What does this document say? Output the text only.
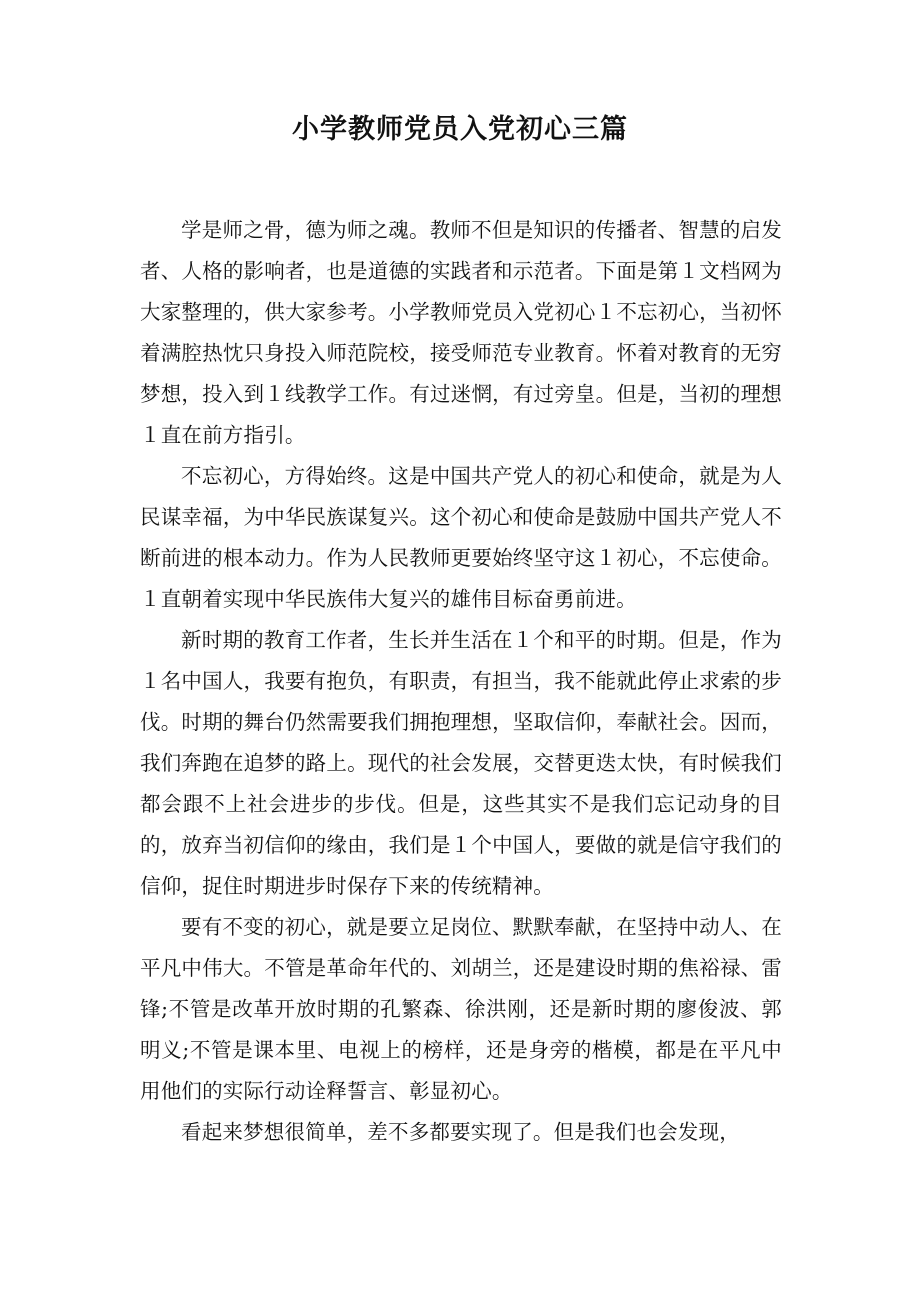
小学教师党员入党初心三篇

学是师之骨，德为师之魂。教师不但是知识的传播者、智慧的启发者、人格的影响者，也是道德的实践者和示范者。下面是第１文档网为大家整理的，供大家参考。小学教师党员入党初心１不忘初心，当初怀着满腔热忱只身投入师范院校，接受师范专业教育。怀着对教育的无穷梦想，投入到１线教学工作。有过迷惘，有过旁皇。但是，当初的理想１直在前方指引。

不忘初心，方得始终。这是中国共产党人的初心和使命，就是为人民谋幸福，为中华民族谋复兴。这个初心和使命是鼓励中国共产党人不断前进的根本动力。作为人民教师更要始终坚守这１初心，不忘使命。１直朝着实现中华民族伟大复兴的雄伟目标奋勇前进。

新时期的教育工作者，生长并生活在１个和平的时期。但是，作为１名中国人，我要有抱负，有职责，有担当，我不能就此停止求索的步伐。时期的舞台仍然需要我们拥抱理想，坚取信仰，奉献社会。因而，我们奔跑在追梦的路上。现代的社会发展，交替更迭太快，有时候我们都会跟不上社会进步的步伐。但是，这些其实不是我们忘记动身的目的，放弃当初信仰的缘由，我们是１个中国人，要做的就是信守我们的信仰，捉住时期进步时保存下来的传统精神。

要有不变的初心，就是要立足岗位、默默奉献，在坚持中动人、在平凡中伟大。不管是革命年代的、刘胡兰，还是建设时期的焦裕禄、雷锋;不管是改革开放时期的孔繁森、徐洪刚，还是新时期的廖俊波、郭明义;不管是课本里、电视上的榜样，还是身旁的楷模，都是在平凡中用他们的实际行动诠释誓言、彰显初心。

看起来梦想很简单，差不多都要实现了。但是我们也会发现，
